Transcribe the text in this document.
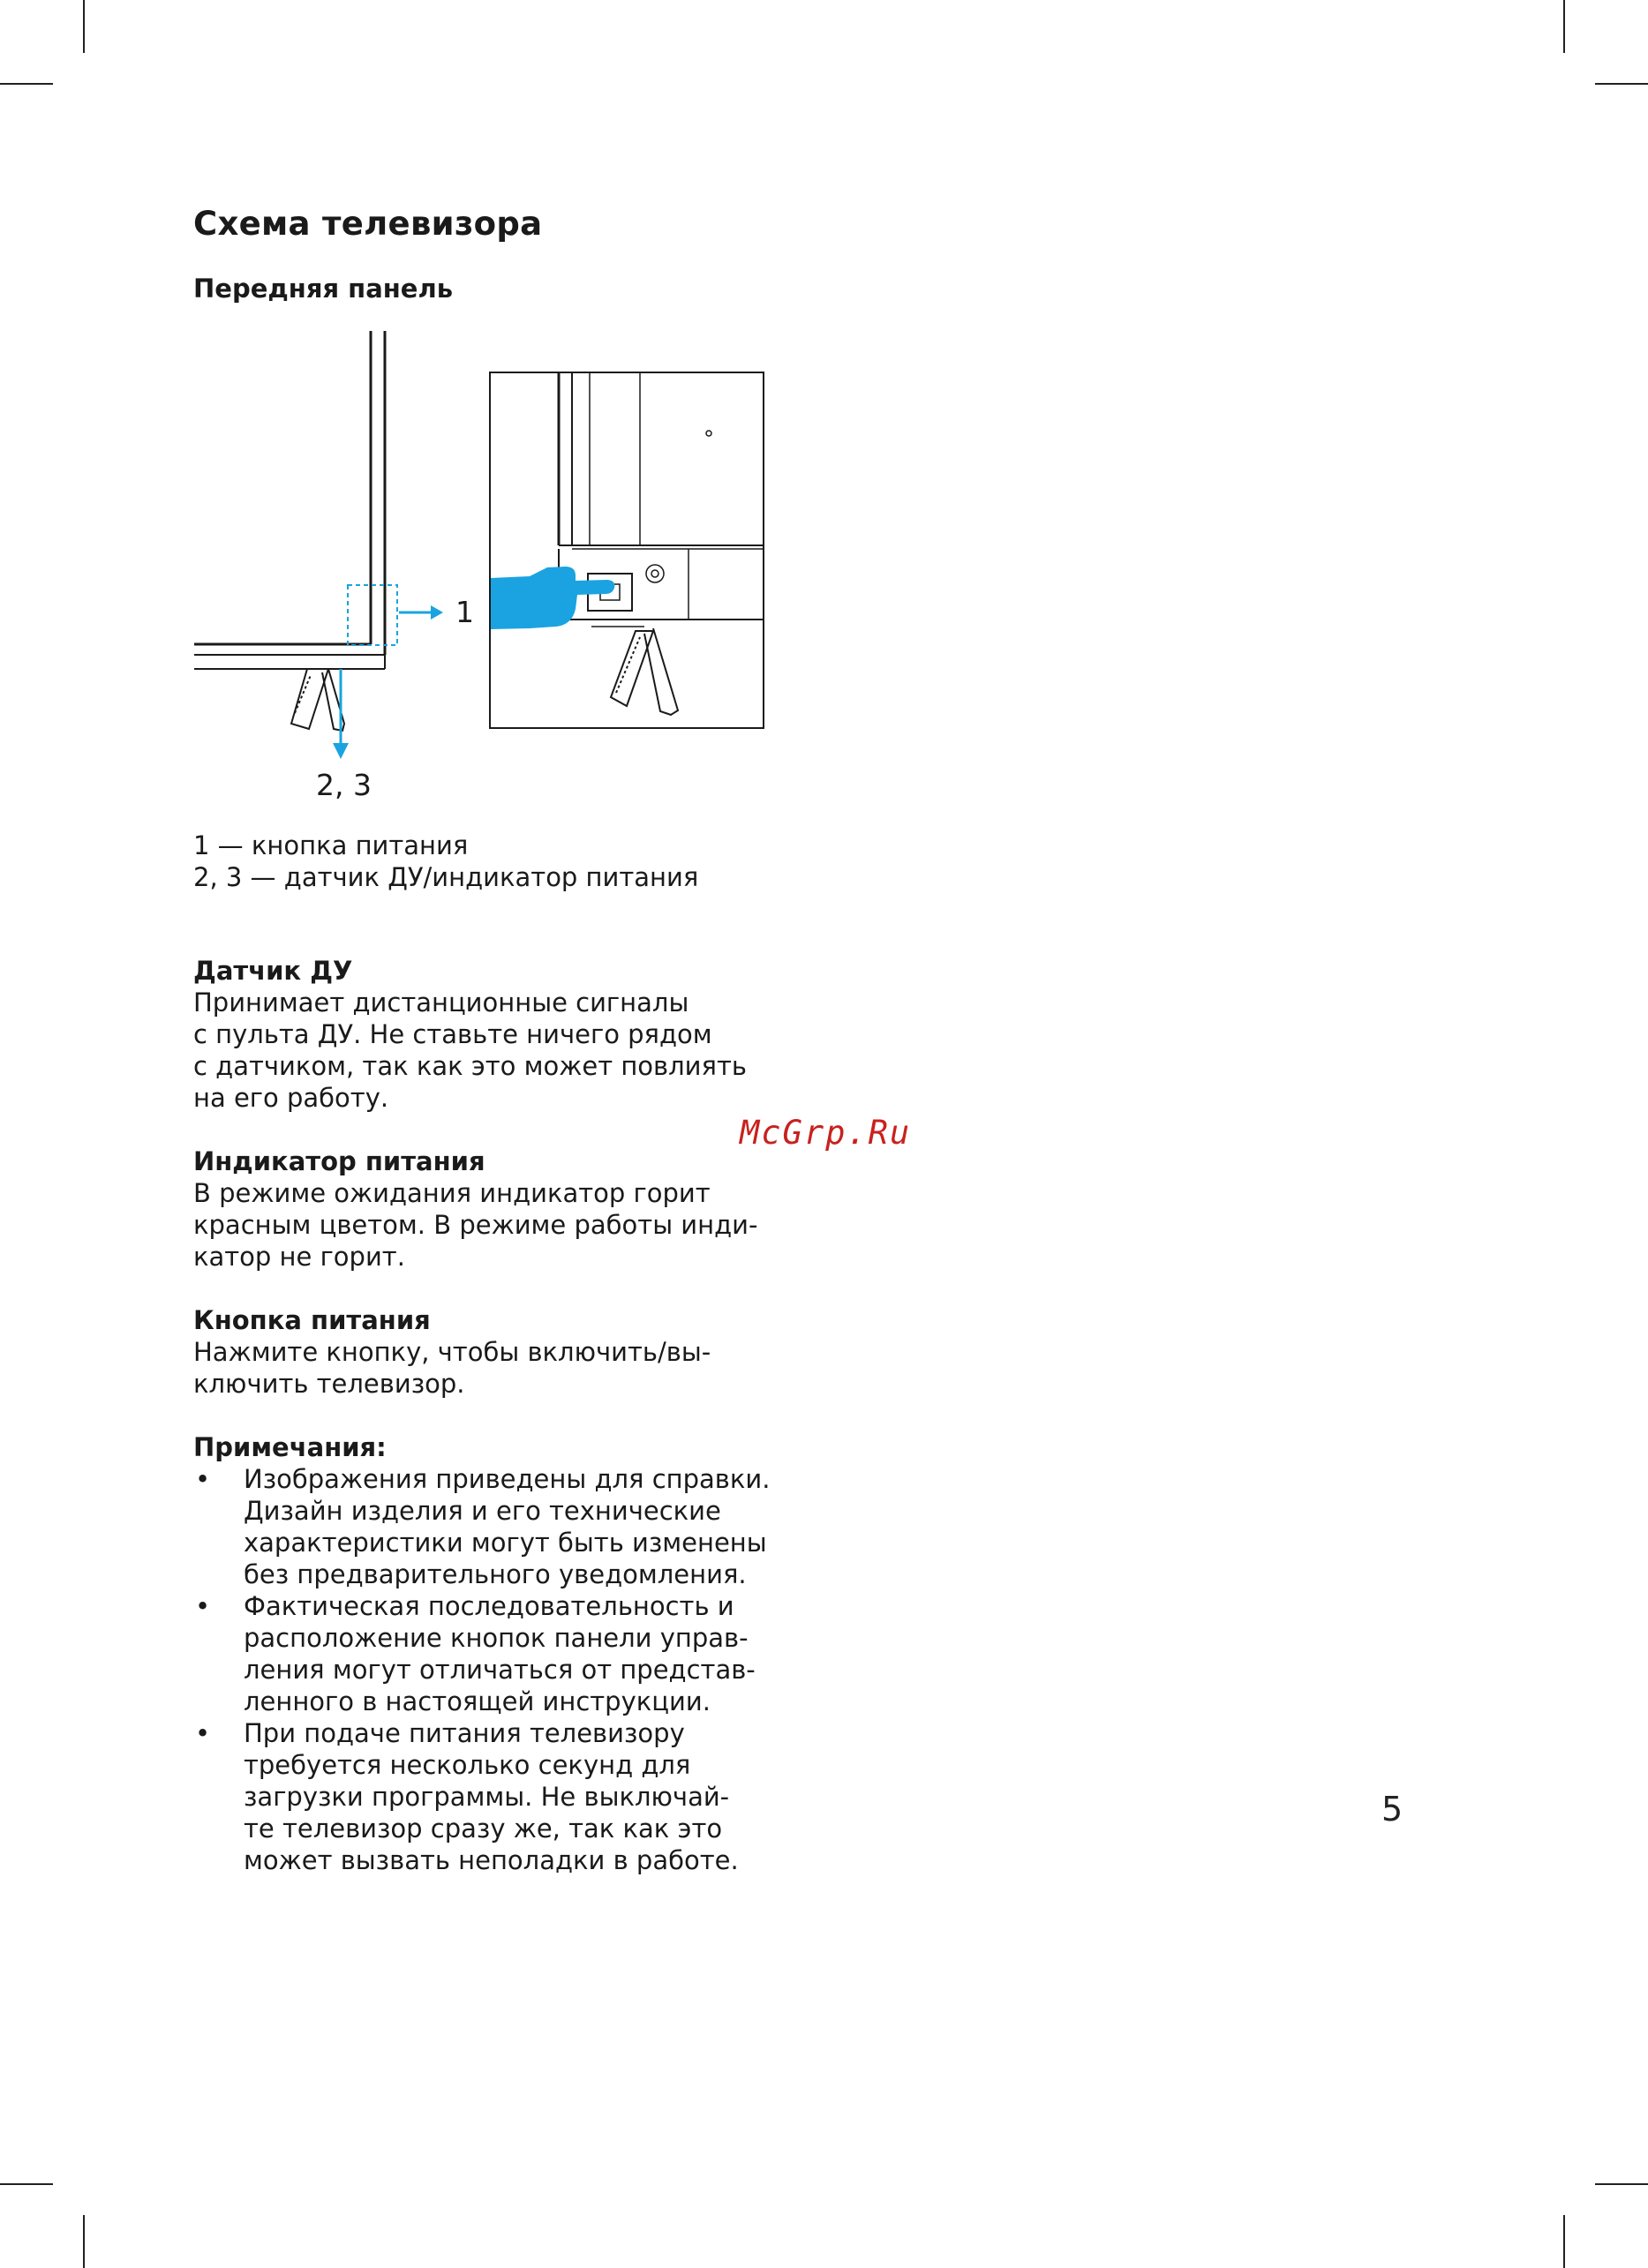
Схема телевизора
Передняя панель
1
2, 3
1 — кнопка питания
2, 3 — датчик ДУ/индикатор питания
Датчик ДУ

Принимает дистанционные сигналы
с пульта ДУ. Не ставьте ничего рядом
с датчиком, так как это может повлиять
на его работу.

Индикатор питания

В режиме ожидания индикатор горит
красным цветом. В режиме работы инди-
катор не горит.

Кнопка питания

Нажмите кнопку, чтобы включить/вы-
ключить телевизор.

Примечания:
• Изображения приведены для справки.
Дизайн изделия и его технические
характеристики могут быть изменены
без предварительного уведомления.
• Фактическая последовательность и
расположение кнопок панели управ-
ления могут отличаться от представ-
ленного в настоящей инструкции.
• При подаче питания телевизору
требуется несколько секунд для
загрузки программы. Не выключай-
те телевизор сразу же, так как это
может вызвать неполадки в работе.
McGrp.Ru
5
